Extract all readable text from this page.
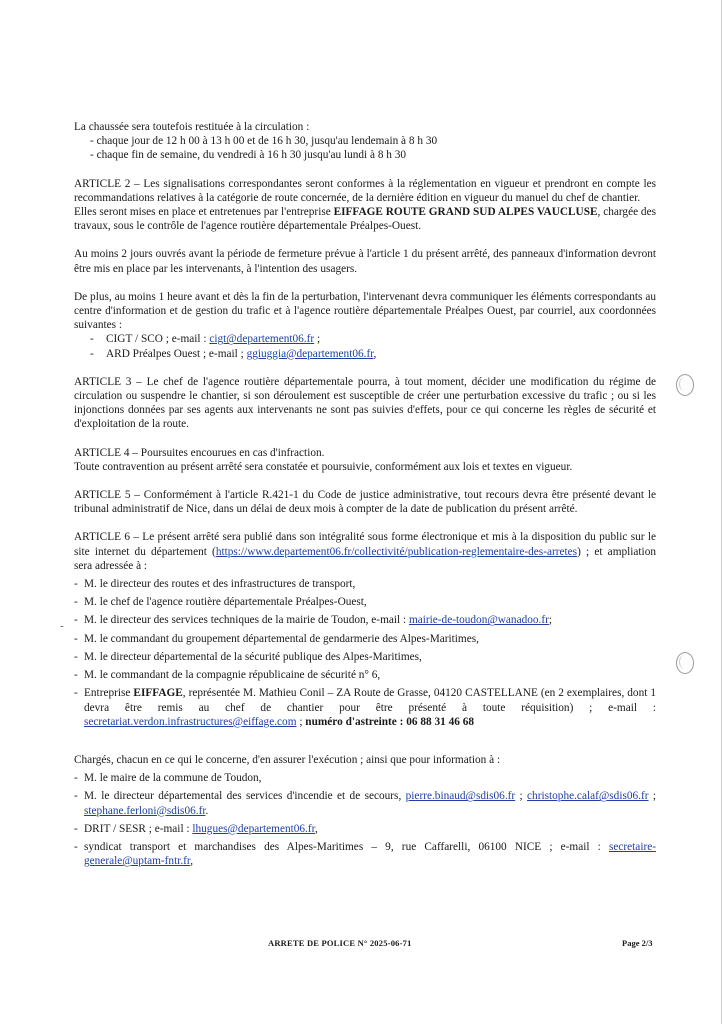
-

La chaussée sera toutefois restituée à la circulation :

- chaque jour de 12 h 00 à 13 h 00 et de 16 h 30, jusqu'au lendemain à 8 h 30

- chaque fin de semaine, du vendredi à 16 h 30 jusqu'au lundi à 8 h 30

ARTICLE 2 – Les signalisations correspondantes seront conformes à la réglementation en vigueur et prendront en compte les recommandations relatives à la catégorie de route concernée, de la dernière édition en vigueur du manuel du chef de chantier.

Elles seront mises en place et entretenues par l'entreprise EIFFAGE ROUTE GRAND SUD ALPES VAUCLUSE, chargée des travaux, sous le contrôle de l'agence routière départementale Préalpes-Ouest.

Au moins 2 jours ouvrés avant la période de fermeture prévue à l'article 1 du présent arrêté, des panneaux d'information devront être mis en place par les intervenants, à l'intention des usagers.

De plus, au moins 1 heure avant et dès la fin de la perturbation, l'intervenant devra communiquer les éléments correspondants au centre d'information et de gestion du trafic et à l'agence routière départementale Préalpes Ouest, par courriel, aux coordonnées suivantes :

- CIGT / SCO ; e-mail : cigt@departement06.fr ;
- ARD Préalpes Ouest ; e-mail ; ggiuggia@departement06.fr,

ARTICLE 3 – Le chef de l'agence routière départementale pourra, à tout moment, décider une modification du régime de circulation ou suspendre le chantier, si son déroulement est susceptible de créer une perturbation excessive du trafic ; ou si les injonctions données par ses agents aux intervenants ne sont pas suivies d'effets, pour ce qui concerne les règles de sécurité et d'exploitation de la route.

ARTICLE 4 – Poursuites encourues en cas d'infraction.

Toute contravention au présent arrêté sera constatée et poursuivie, conformément aux lois et textes en vigueur.

ARTICLE 5 – Conformément à l'article R.421-1 du Code de justice administrative, tout recours devra être présenté devant le tribunal administratif de Nice, dans un délai de deux mois à compter de la date de publication du présent arrêté.

ARTICLE 6 – Le présent arrêté sera publié dans son intégralité sous forme électronique et mis à la disposition du public sur le site internet du département (https://www.departement06.fr/collectivité/publication-reglementaire-des-arretes) ; et ampliation sera adressée à :

- M. le directeur des routes et des infrastructures de transport,
- M. le chef de l'agence routière départementale Préalpes-Ouest,
- M. le directeur des services techniques de la mairie de Toudon, e-mail : mairie-de-toudon@wanadoo.fr;
- M. le commandant du groupement départemental de gendarmerie des Alpes-Maritimes,
- M. le directeur départemental de la sécurité publique des Alpes-Maritimes,
- M. le commandant de la compagnie républicaine de sécurité n° 6,
- Entreprise EIFFAGE, représentée M. Mathieu Conil – ZA Route de Grasse, 04120 CASTELLANE (en 2 exemplaires, dont 1 devra être remis au chef de chantier pour être présenté à toute réquisition) ; e-mail : secretariat.verdon.infrastructures@eiffage.com ; numéro d'astreinte : 06 88 31 46 68

Chargés, chacun en ce qui le concerne, d'en assurer l'exécution ; ainsi que pour information à :

- M. le maire de la commune de Toudon,
- M. le directeur départemental des services d'incendie et de secours, pierre.binaud@sdis06.fr ; christophe.calaf@sdis06.fr ; stephane.ferloni@sdis06.fr.
- DRIT / SESR ; e-mail : lhugues@departement06.fr,
- syndicat transport et marchandises des Alpes-Maritimes – 9, rue Caffarelli, 06100 NICE ; e-mail : secretaire-generale@uptam-fntr.fr,
ARRETE DE POLICE N° 2025-06-71	Page 2/3
